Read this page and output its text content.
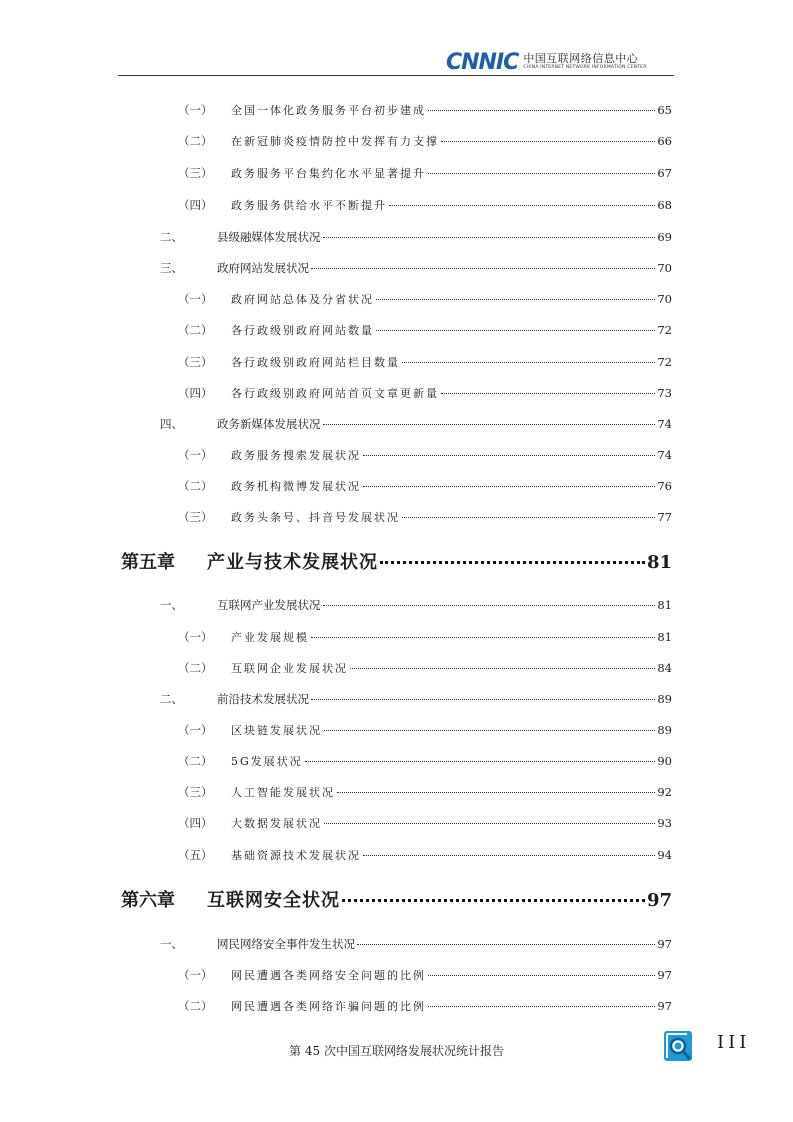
CNNIC 中国互联网络信息中心
CHINA INTERNET NETWORK INFORMATION CENTER
（一） 全国一体化政务服务平台初步建成	65
（二） 在新冠肺炎疫情防控中发挥有力支撑	66
（三） 政务服务平台集约化水平显著提升	67
（四） 政务服务供给水平不断提升	68
二、	县级融媒体发展状况	69
三、	政府网站发展状况	70
（一） 政府网站总体及分省状况	70
（二） 各行政级别政府网站数量	72
（三） 各行政级别政府网站栏目数量	72
（四） 各行政级别政府网站首页文章更新量	73
四、	政务新媒体发展状况	74
（一） 政务服务搜索发展状况	74
（二） 政务机构微博发展状况	76
（三） 政务头条号、抖音号发展状况	77
第五章 产业与技术发展状况	81
一、	互联网产业发展状况	81
（一） 产业发展规模	81
（二） 互联网企业发展状况	84
二、	前沿技术发展状况	89
（一） 区块链发展状况	89
（二） 5G发展状况	90
（三） 人工智能发展状况	92
（四） 大数据发展状况	93
（五） 基础资源技术发展状况	94
第六章 互联网安全状况	97
一、	网民网络安全事件发生状况	97
（一） 网民遭遇各类网络安全问题的比例	97
（二） 网民遭遇各类网络诈骗问题的比例	97
第 45 次中国互联网络发展状况统计报告	III
